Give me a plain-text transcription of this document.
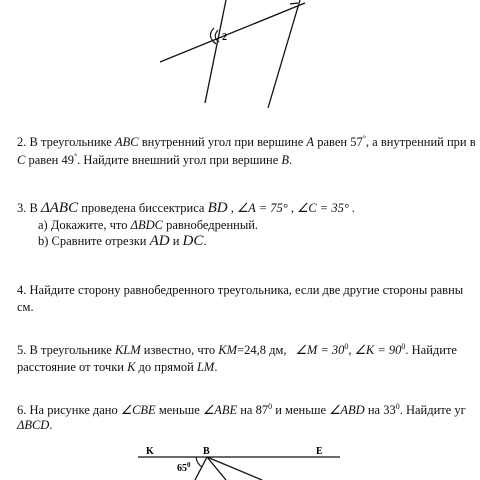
2

2. В треугольнике ABC внутренний угол при вершине A равен 57°, а внутренний при в

C равен 49°. Найдите внешний угол при вершине B.

3. В ΔABC проведена биссектриса BD , ∠A = 75° , ∠C = 35° .

a) Докажите, что ΔBDC равнобедренный.

b) Сравните отрезки AD и DC.

4. Найдите сторону равнобедренного треугольника, если две другие стороны равны

см.

5. В треугольнике KLM известно, что KM=24,8 дм, ∠M = $30^0$, ∠K = $90^0$. Найдите

расстояние от точки K до прямой LM.

6. На рисунке дано ∠CBE меньше ∠ABE на $87^0$ и меньше ∠ABD на $33^0$. Найдите уг

ΔBCD.

K	B	E
$65^0$
